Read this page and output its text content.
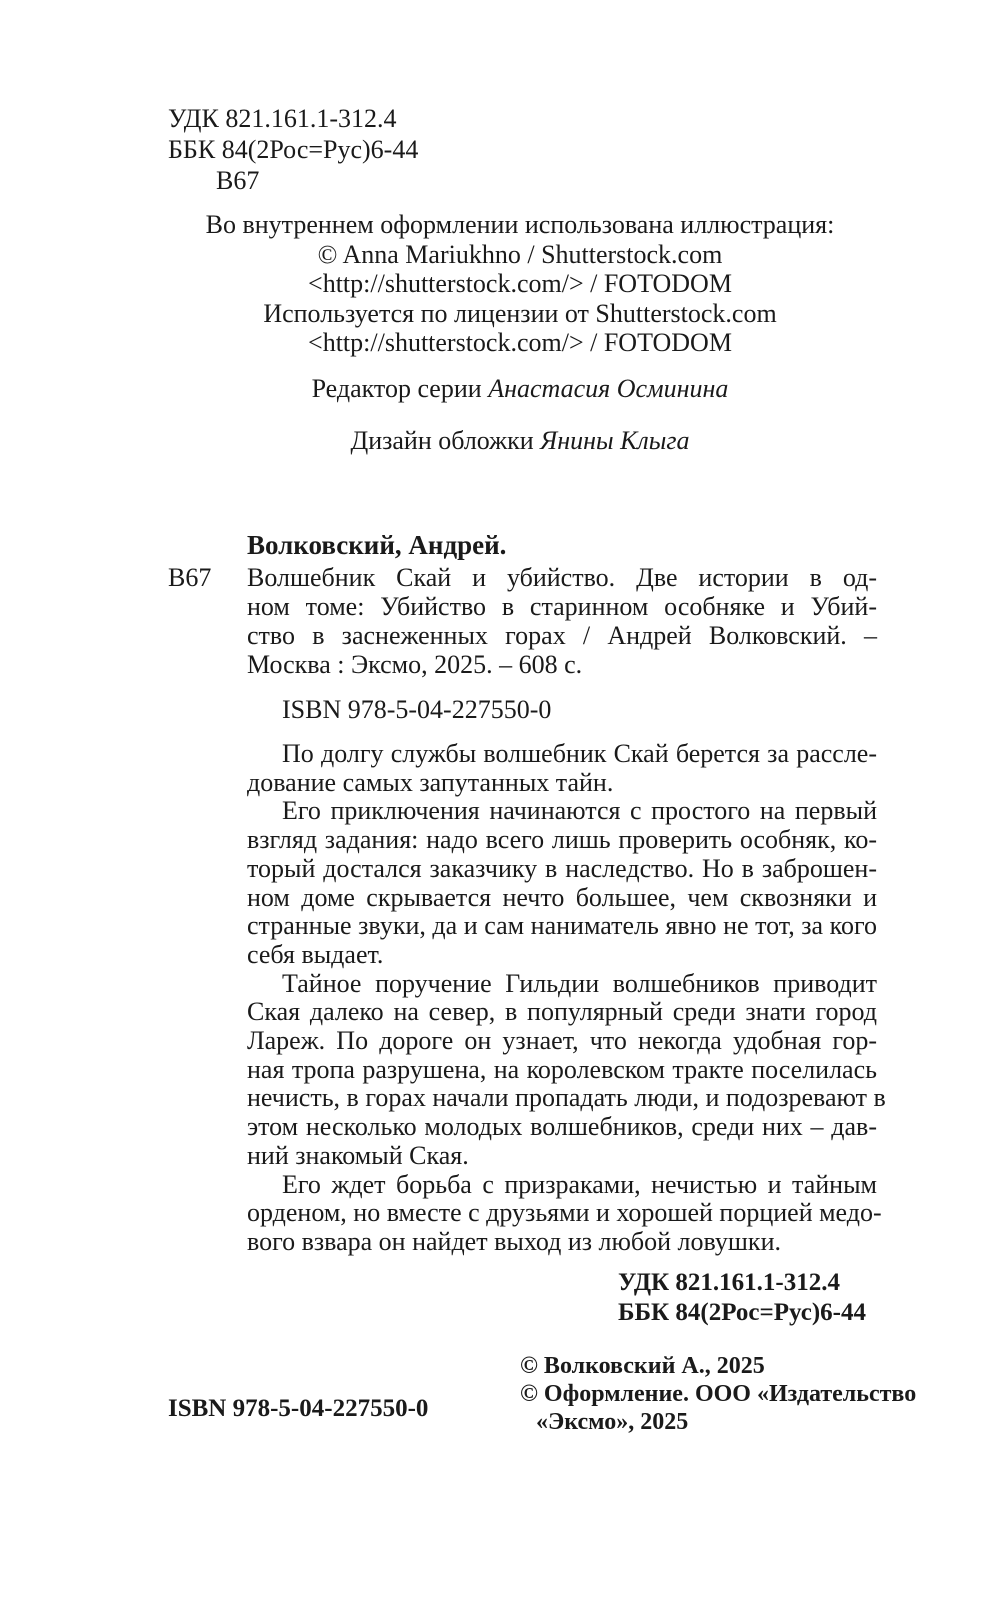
УДК 821.161.1-312.4
ББК 84(2Рос=Рус)6-44
В67
Во внутреннем оформлении использована иллюстрация:
© Anna Mariukhno / Shutterstock.com
<http://shutterstock.com/> / FOTODOM
Используется по лицензии от Shutterstock.com
<http://shutterstock.com/> / FOTODOM
Редактор серии Анастасия Осминина
Дизайн обложки Янины Клыга
Волковский, Андрей.
В67 Волшебник Скай и убийство. Две истории в од-
ном томе: Убийство в старинном особняке и Убий-
ство в заснеженных горах / Андрей Волковский. –
Москва : Эксмо, 2025. – 608 с.
ISBN 978-5-04-227550-0
По долгу службы волшебник Скай берется за рассле-
дование самых запутанных тайн.
Его приключения начинаются с простого на первый
взгляд задания: надо всего лишь проверить особняк, ко-
торый достался заказчику в наследство. Но в заброшен-
ном доме скрывается нечто большее, чем сквозняки и
странные звуки, да и сам наниматель явно не тот, за кого
себя выдает.
Тайное поручение Гильдии волшебников приводит
Ская далеко на север, в популярный среди знати город
Лареж. По дороге он узнает, что некогда удобная гор-
ная тропа разрушена, на королевском тракте поселилась
нечисть, в горах начали пропадать люди, и подозревают в
этом несколько молодых волшебников, среди них – дав-
ний знакомый Ская.
Его ждет борьба с призраками, нечистью и тайным
орденом, но вместе с друзьями и хорошей порцией медо-
вого взвара он найдет выход из любой ловушки.
УДК 821.161.1-312.4
ББК 84(2Рос=Рус)6-44
© Волковский А., 2025
© Оформление. ООО «Издательство
«Эксмо», 2025
ISBN 978-5-04-227550-0
